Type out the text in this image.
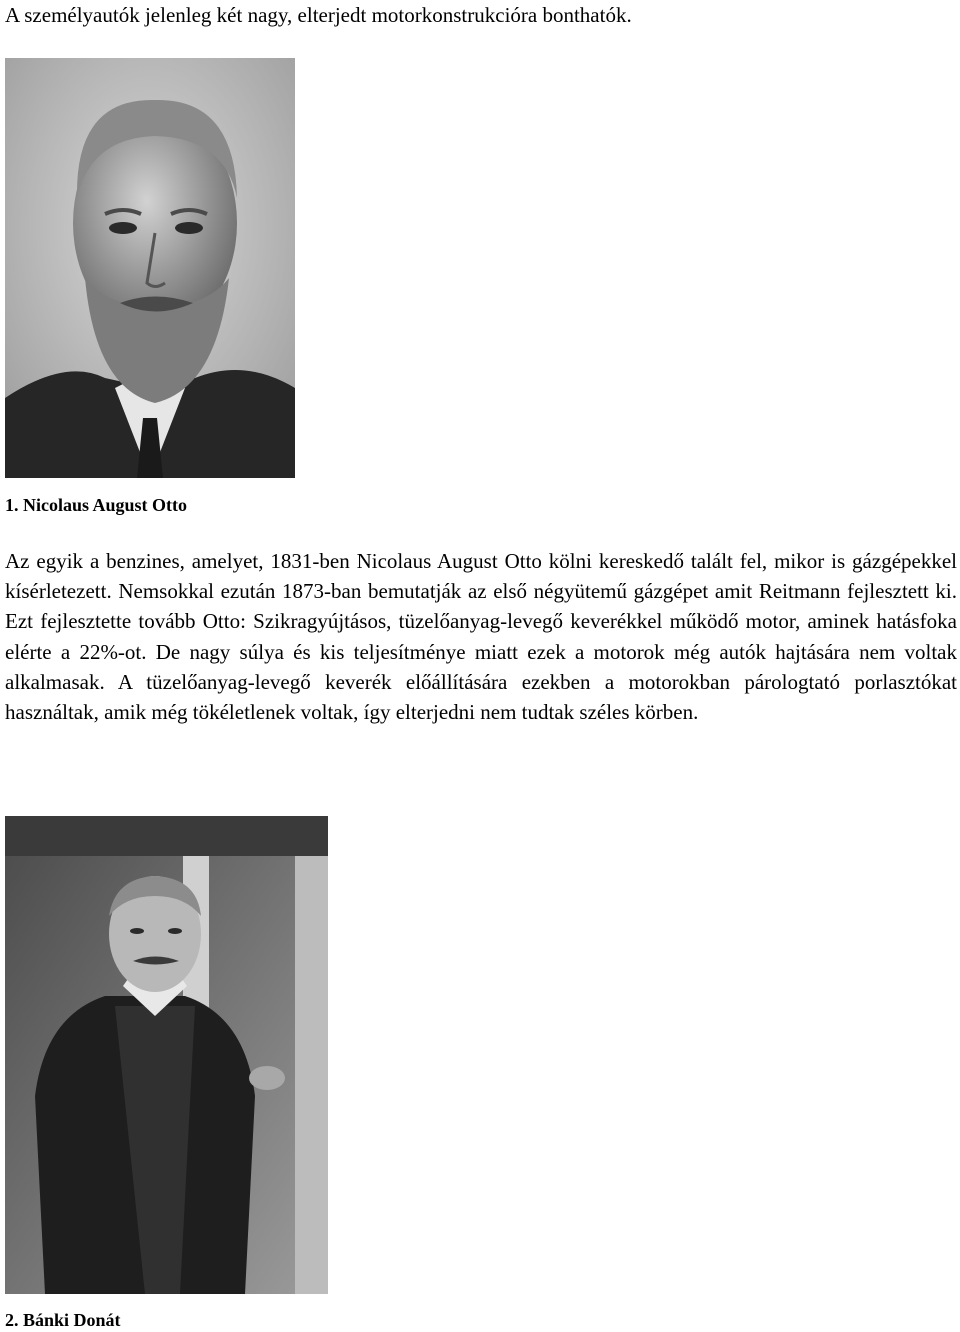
A személyautók jelenleg két nagy, elterjedt motorkonstrukcióra bonthatók.

1. Nicolaus August Otto

Az egyik a benzines, amelyet, 1831-ben Nicolaus August Otto kölni kereskedő talált fel, mikor is gázgépekkel kísérletezett. Nemsokkal ezután 1873-ban bemutatják az első négyütemű gázgépet amit Reitmann fejlesztett ki. Ezt fejlesztette tovább Otto: Szikragyújtásos, tüzelőanyag-levegő keverékkel működő motor, aminek hatásfoka elérte a 22%-ot. De nagy súlya és kis teljesítménye miatt ezek a motorok még autók hajtására nem voltak alkalmasak. A tüzelőanyag-levegő keverék előállítására ezekben a motorokban párologtató porlasztókat használtak, amik még tökéletlenek voltak, így elterjedni nem tudtak széles körben.

2. Bánki Donát
